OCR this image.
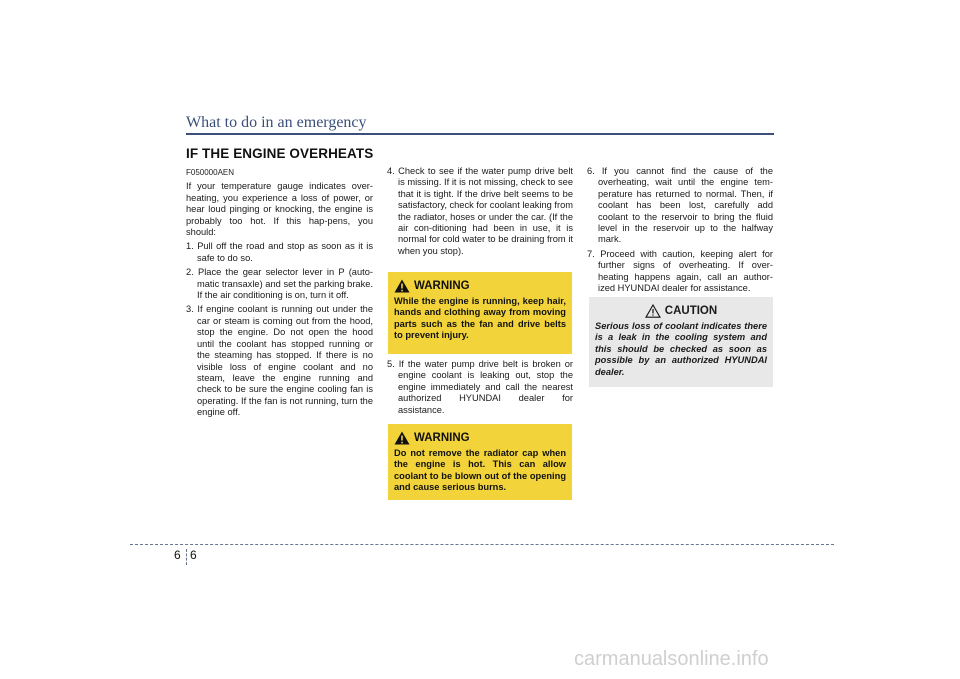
What to do in an emergency
IF THE ENGINE OVERHEATS

F050000AEN

If your temperature gauge indicates over-heating, you experience a loss of power, or hear loud pinging or knocking, the engine is probably too hot. If this hap-pens, you should:

1. Pull off the road and stop as soon as it is safe to do so.

2. Place the gear selector lever in P (auto-matic transaxle) and set the parking brake. If the air conditioning is on, turn it off.

3. If engine coolant is running out under the car or steam is coming out from the hood, stop the engine. Do not open the hood until the coolant has stopped running or the steaming has stopped. If there is no visible loss of engine coolant and no steam, leave the engine running and check to be sure the engine cooling fan is operating. If the fan is not running, turn the engine off.

4. Check to see if the water pump drive belt is missing. If it is not missing, check to see that it is tight. If the drive belt seems to be satisfactory, check for coolant leaking from the radiator, hoses or under the car. (If the air con-ditioning had been in use, it is normal for cold water to be draining from it when you stop).

WARNING
While the engine is running, keep hair, hands and clothing away from moving parts such as the fan and drive belts to prevent injury.

5. If the water pump drive belt is broken or engine coolant is leaking out, stop the engine immediately and call the nearest authorized HYUNDAI dealer for assistance.

WARNING
Do not remove the radiator cap when the engine is hot. This can allow coolant to be blown out of the opening and cause serious burns.

6. If you cannot find the cause of the overheating, wait until the engine tem-perature has returned to normal. Then, if coolant has been lost, carefully add coolant to the reservoir to bring the fluid level in the reservoir up to the halfway mark.

7. Proceed with caution, keeping alert for further signs of overheating. If over-heating happens again, call an author-ized HYUNDAI dealer for assistance.

CAUTION
Serious loss of coolant indicates there is a leak in the cooling system and this should be checked as soon as possible by an authorized HYUNDAI dealer.
6 6
carmanualsonline.info
